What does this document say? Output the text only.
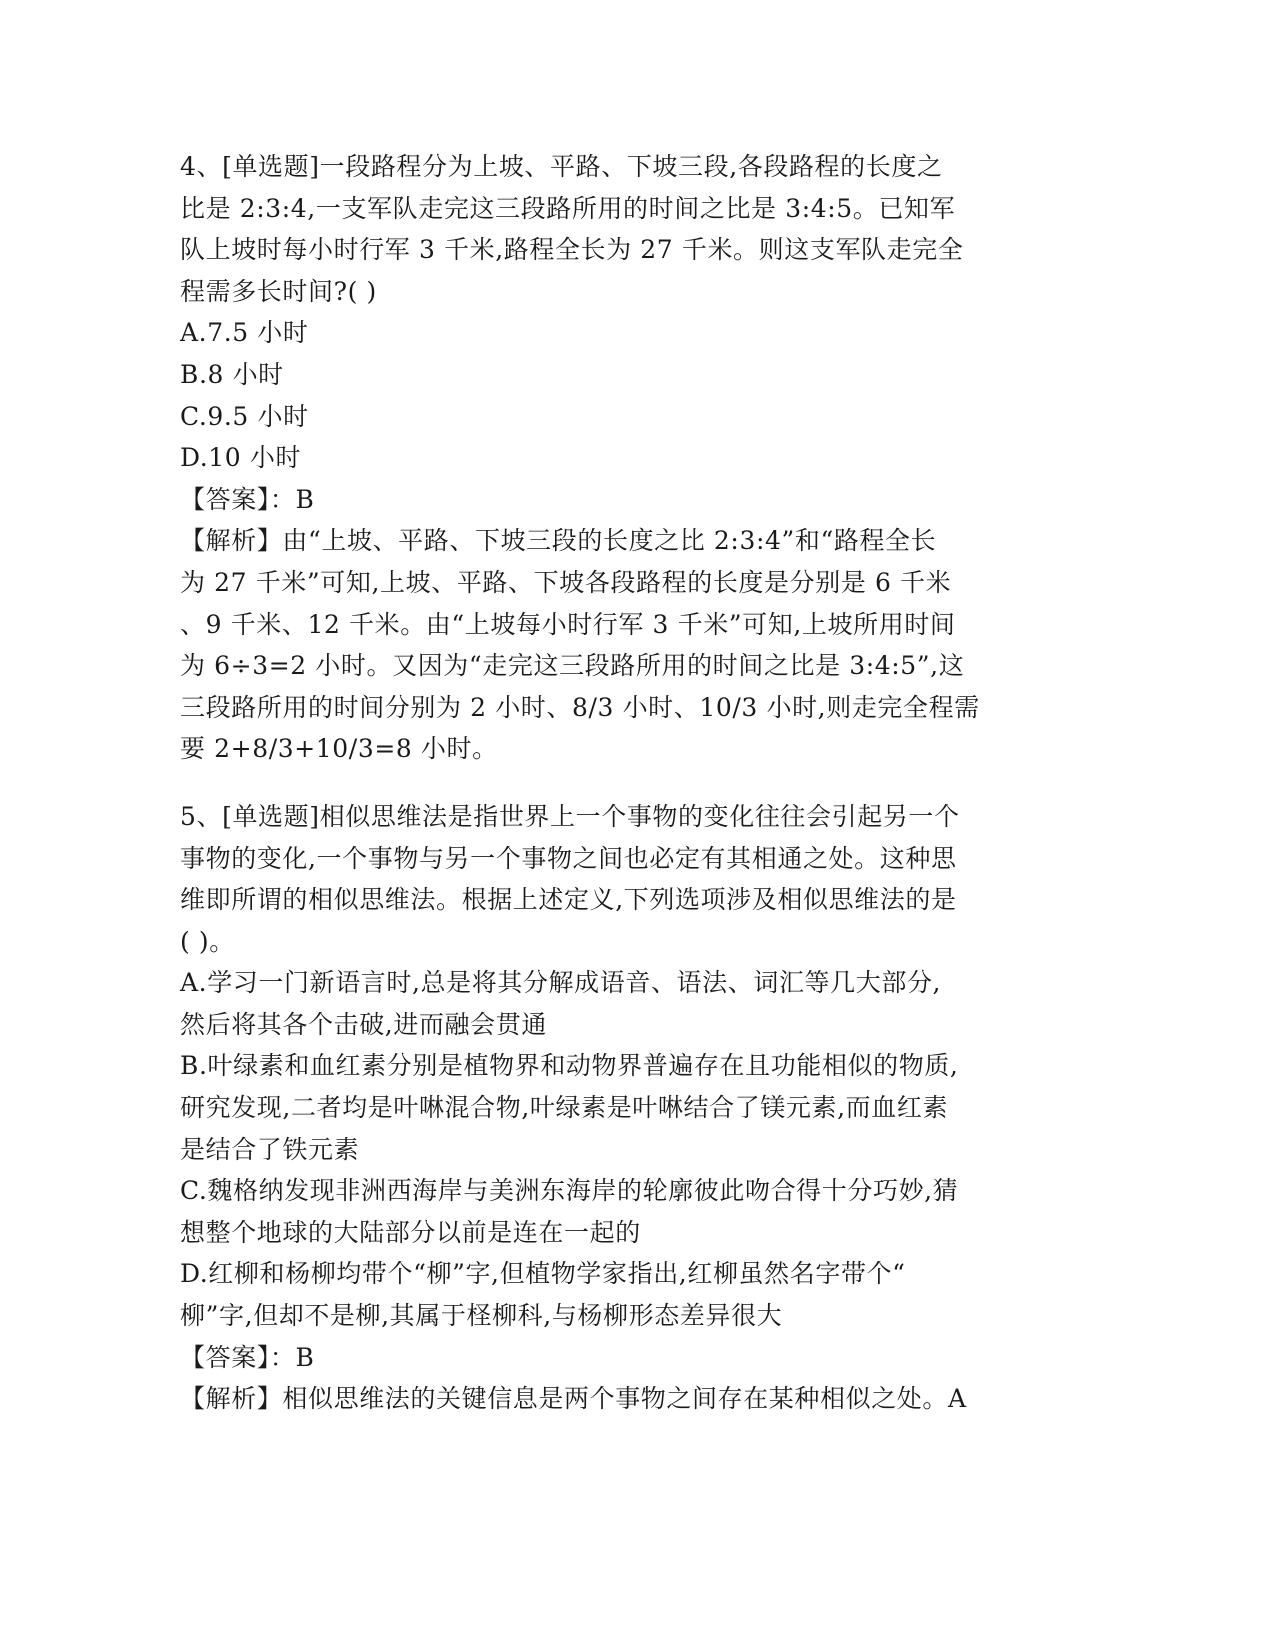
4、[单选题]一段路程分为上坡、平路、下坡三段,各段路程的长度之
比是 2:3:4,一支军队走完这三段路所用的时间之比是 3:4:5。已知军
队上坡时每小时行军 3 千米,路程全长为 27 千米。则这支军队走完全
程需多长时间?( )
A.7.5 小时
B.8 小时
C.9.5 小时
D.10 小时
【答案】：B
【解析】由“上坡、平路、下坡三段的长度之比 2:3:4”和“路程全长
为 27 千米”可知,上坡、平路、下坡各段路程的长度是分别是 6 千米
、9 千米、12 千米。由“上坡每小时行军 3 千米”可知,上坡所用时间
为 6÷3=2 小时。又因为“走完这三段路所用的时间之比是 3:4:5”,这
三段路所用的时间分别为 2 小时、8/3 小时、10/3 小时,则走完全程需
要 2+8/3+10/3=8 小时。
5、[单选题]相似思维法是指世界上一个事物的变化往往会引起另一个
事物的变化,一个事物与另一个事物之间也必定有其相通之处。这种思
维即所谓的相似思维法。根据上述定义,下列选项涉及相似思维法的是
( )。
A.学习一门新语言时,总是将其分解成语音、语法、词汇等几大部分,
然后将其各个击破,进而融会贯通
B.叶绿素和血红素分别是植物界和动物界普遍存在且功能相似的物质,
研究发现,二者均是叶啉混合物,叶绿素是叶啉结合了镁元素,而血红素
是结合了铁元素
C.魏格纳发现非洲西海岸与美洲东海岸的轮廓彼此吻合得十分巧妙,猜
想整个地球的大陆部分以前是连在一起的
D.红柳和杨柳均带个“柳”字,但植物学家指出,红柳虽然名字带个“
柳”字,但却不是柳,其属于柽柳科,与杨柳形态差异很大
【答案】：B
【解析】相似思维法的关键信息是两个事物之间存在某种相似之处。A
